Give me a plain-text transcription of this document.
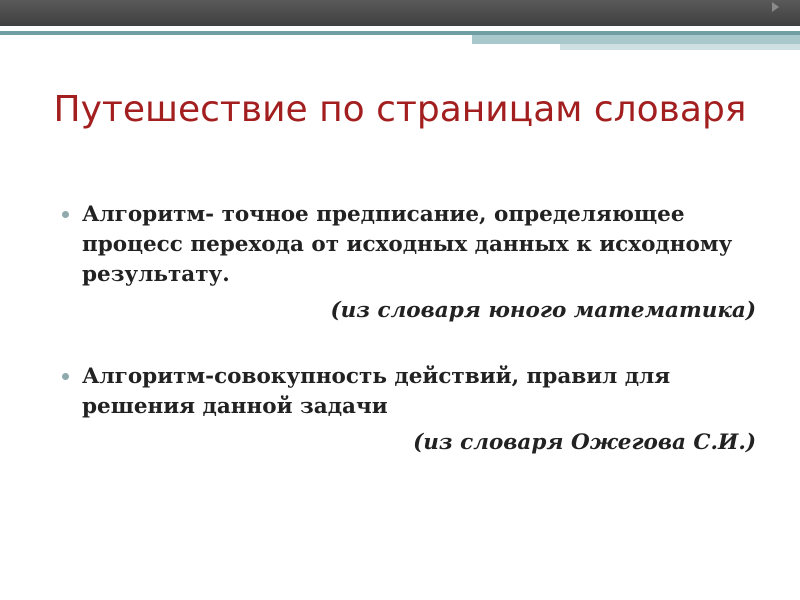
Путешествие по страницам словаря
Алгоритм- точное предписание, определяющее процесс перехода от исходных данных к исходному результату.
(из словаря юного математика)
Алгоритм-совокупность действий, правил для решения данной задачи
(из словаря Ожегова С.И.)
